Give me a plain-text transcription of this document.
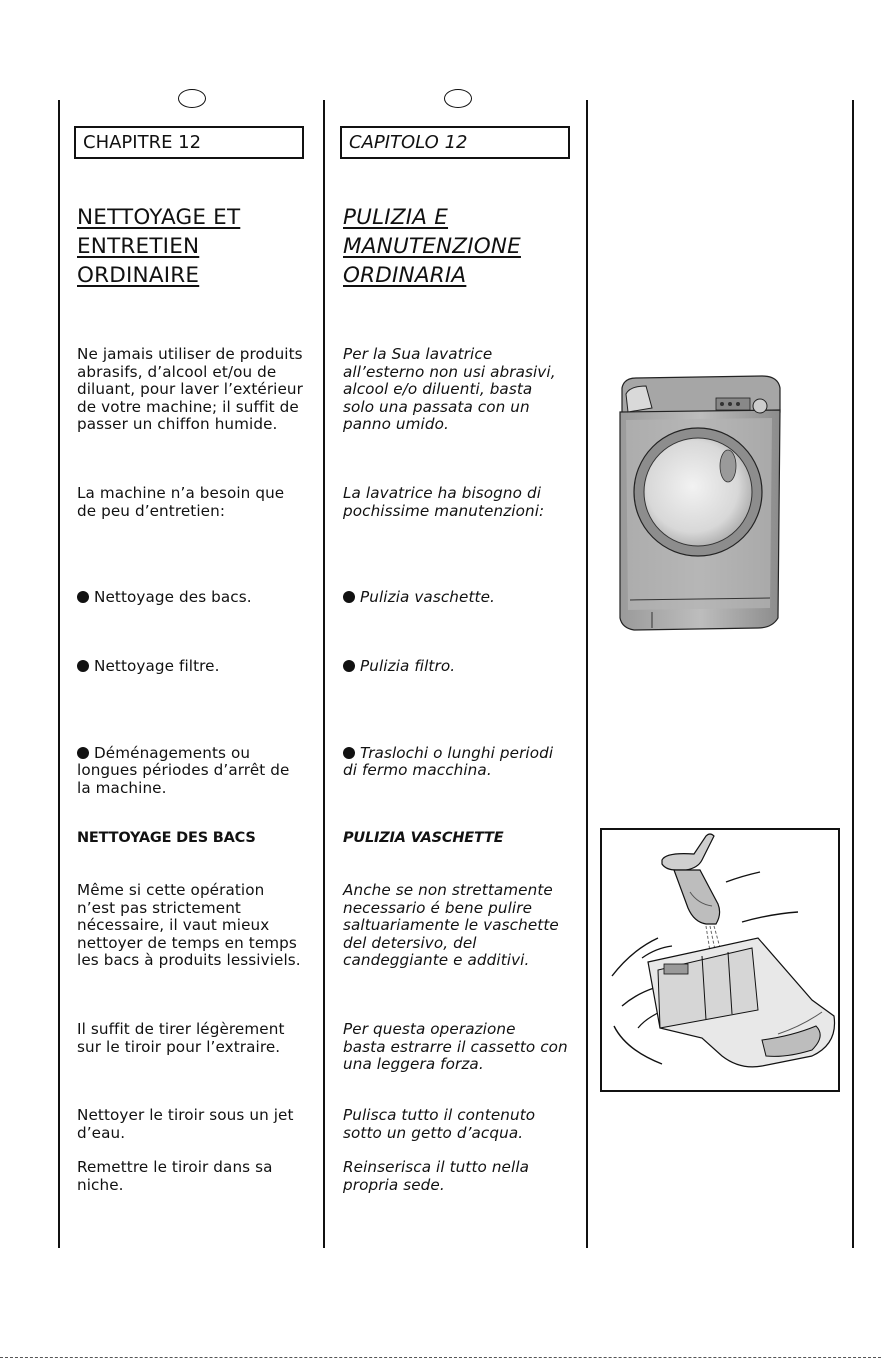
CHAPITRE 12	CAPITOLO 12
NETTOYAGE ET
ENTRETIEN
ORDINAIRE
Ne jamais utiliser de produits
abrasifs, d’alcool et/ou de
diluant, pour laver l’extérieur
de votre machine; il suffit de
passer un chiffon humide.
La machine n’a besoin que
de peu d’entretien:

Nettoyage des bacs.

Nettoyage filtre.

Déménagements ou
longues périodes d’arrêt de
la machine.

NETTOYAGE DES BACS
Même si cette opération
n’est pas strictement
nécessaire, il vaut mieux
nettoyer de temps en temps
les bacs à produits lessiviels.
Il suffit de tirer légèrement
sur le tiroir pour l’extraire.
Nettoyer le tiroir sous un jet
d’eau.
Remettre le tiroir dans sa
niche.
PULIZIA E
MANUTENZIONE
ORDINARIA
Per la Sua lavatrice
all’esterno non usi abrasivi,
alcool e/o diluenti, basta
solo una passata con un
panno umido.
La lavatrice ha bisogno di
pochissime manutenzioni:

Pulizia vaschette.

Pulizia filtro.

Traslochi o lunghi periodi
di fermo macchina.

PULIZIA VASCHETTE
Anche se non strettamente
necessario é bene pulire
saltuariamente le vaschette
del detersivo, del
candeggiante e additivi.
Per questa operazione
basta estrarre il cassetto con
una leggera forza.
Pulisca tutto il contenuto
sotto un getto d’acqua.
Reinserisca il tutto nella
propria sede.
